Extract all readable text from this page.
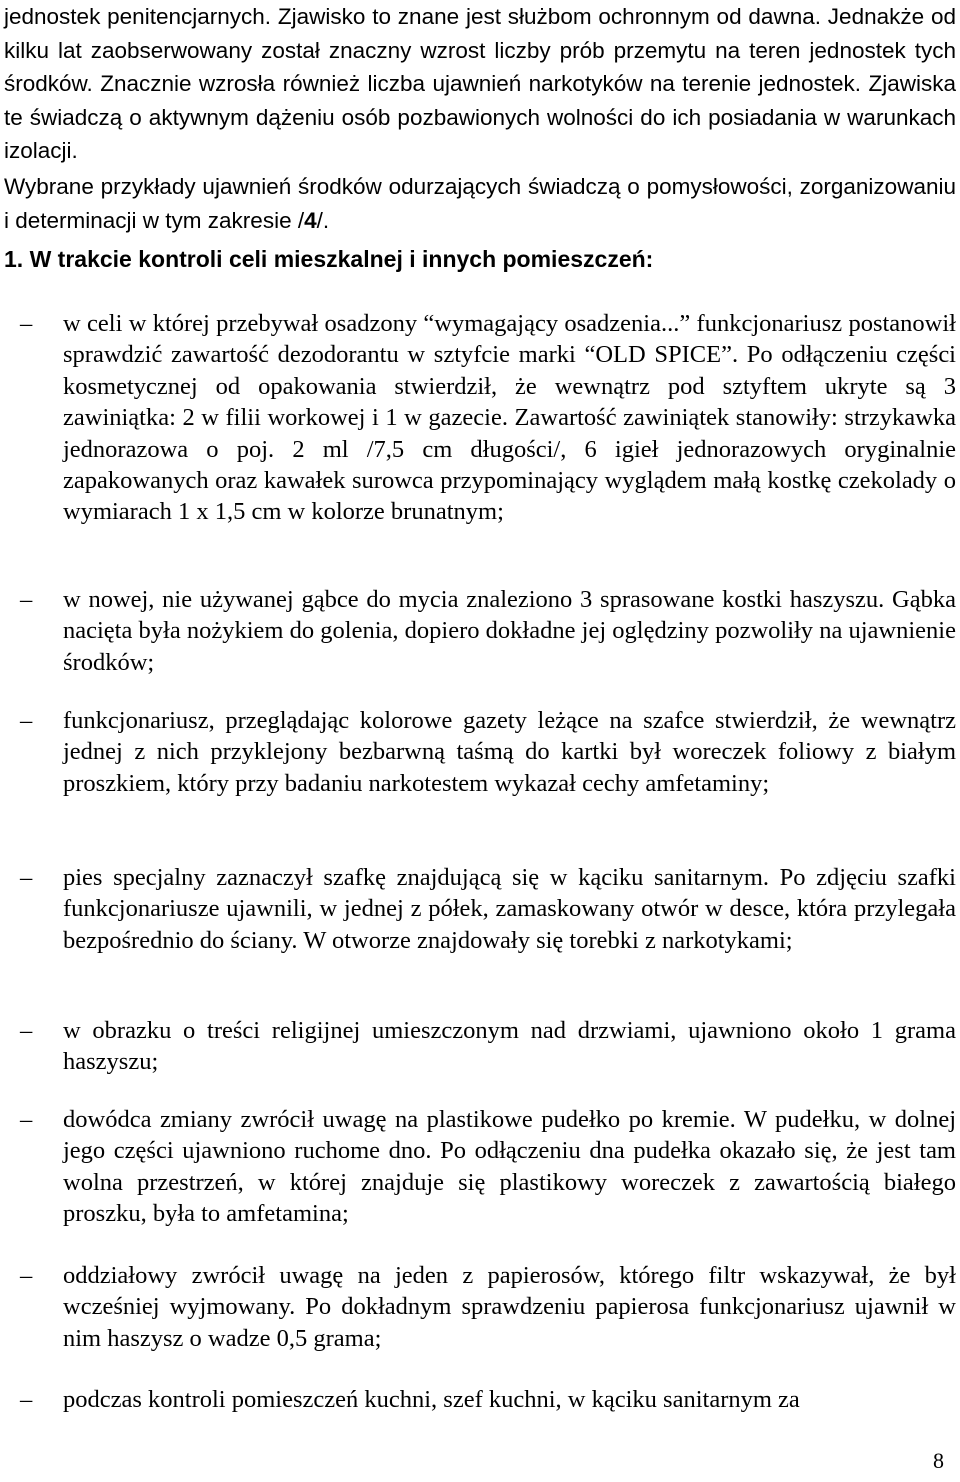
jednostek penitencjarnych. Zjawisko to znane jest służbom ochronnym od dawna. Jednakże od kilku lat zaobserwowany został znaczny wzrost liczby prób przemytu na teren jednostek tych środków. Znacznie wzrosła również liczba ujawnień narkotyków na terenie jednostek. Zjawiska te świadczą o aktywnym dążeniu osób pozbawionych wolności do ich posiadania w warunkach izolacji.

Wybrane przykłady ujawnień środków odurzających świadczą o pomysłowości, zorganizowaniu i determinacji w tym zakresie /4/.

1. W trakcie kontroli celi mieszkalnej i innych pomieszczeń:

–	w celi w której przebywał osadzony “wymagający osadzenia...” funkcjonariusz postanowił sprawdzić zawartość dezodorantu w sztyfcie marki “OLD SPICE”. Po odłączeniu części kosmetycznej od opakowania stwierdził, że wewnątrz pod sztyftem ukryte są 3 zawiniątka: 2 w filii workowej i 1 w gazecie. Zawartość zawiniątek stanowiły: strzykawka jednorazowa o poj. 2 ml /7,5 cm długości/, 6 igieł jednorazowych oryginalnie zapakowanych oraz kawałek surowca przypominający wyglądem małą kostkę czekolady o wymiarach 1 x 1,5 cm w kolorze brunatnym;

–	w nowej, nie używanej gąbce do mycia znaleziono 3 sprasowane kostki haszyszu. Gąbka nacięta była nożykiem do golenia, dopiero dokładne jej oględziny pozwoliły na ujawnienie środków;

–	funkcjonariusz, przeglądając kolorowe gazety leżące na szafce stwierdził, że wewnątrz jednej z nich przyklejony bezbarwną taśmą do kartki był woreczek foliowy z białym proszkiem, który przy badaniu narkotestem wykazał cechy amfetaminy;

–	pies specjalny zaznaczył szafkę znajdującą się w kąciku sanitarnym. Po zdjęciu szafki funkcjonariusze ujawnili, w jednej z półek, zamaskowany otwór w desce, która przylegała bezpośrednio do ściany. W otworze znajdowały się torebki z narkotykami;

–	w obrazku o treści religijnej umieszczonym nad drzwiami, ujawniono około 1 grama haszyszu;

–	dowódca zmiany zwrócił uwagę na plastikowe pudełko po kremie. W pudełku, w dolnej jego części ujawniono ruchome dno. Po odłączeniu dna pudełka okazało się, że jest tam wolna przestrzeń, w której znajduje się plastikowy woreczek z zawartością białego proszku, była to amfetamina;

–	oddziałowy zwrócił uwagę na jeden z papierosów, którego filtr wskazywał, że był wcześniej wyjmowany. Po dokładnym sprawdzeniu papierosa funkcjonariusz ujawnił w nim haszysz o wadze 0,5 grama;

–	podczas kontroli pomieszczeń kuchni, szef kuchni, w kąciku sanitarnym za

8
